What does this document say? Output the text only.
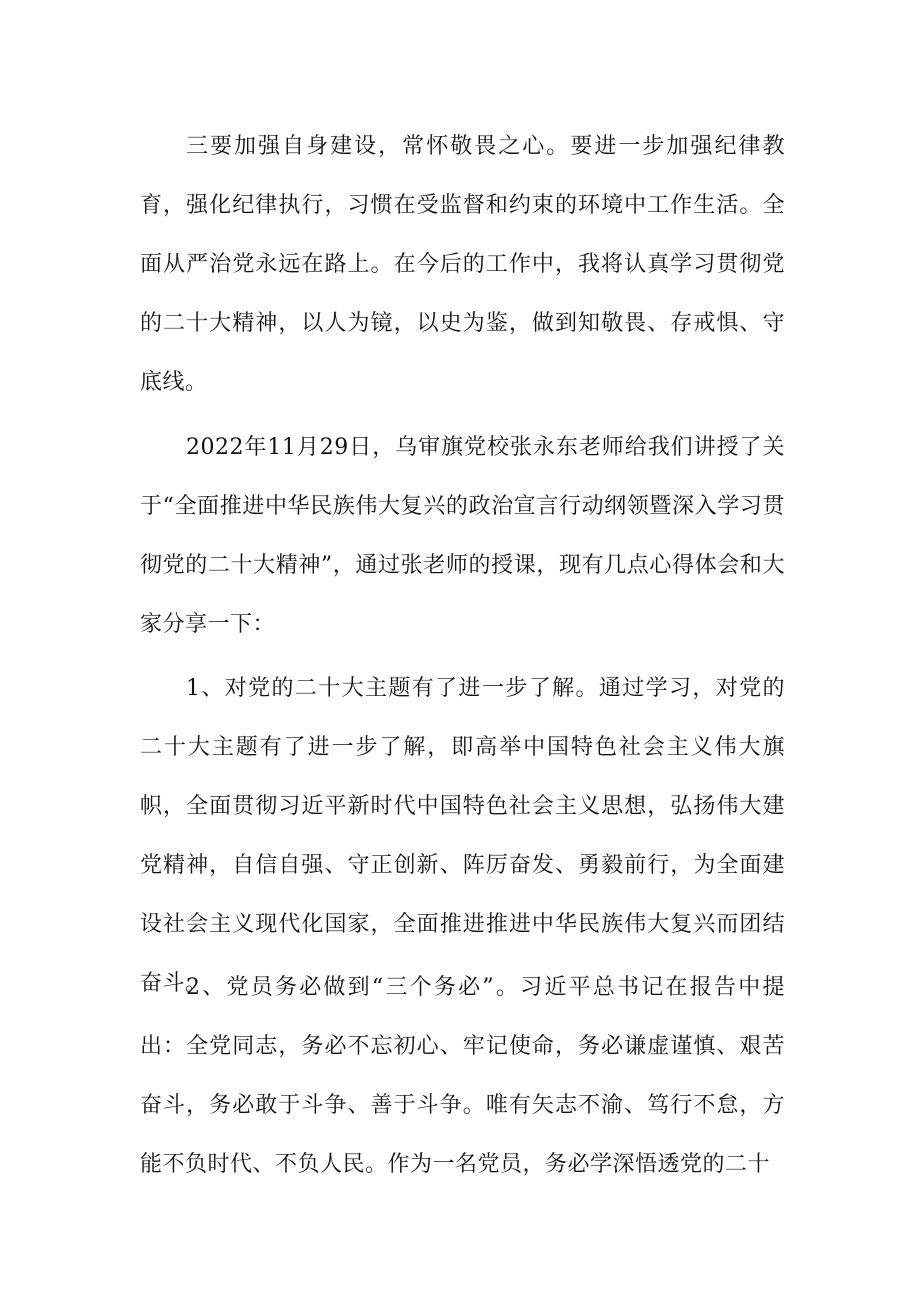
三要加强自身建设，常怀敬畏之心。要进一步加强纪律教育，强化纪律执行，习惯在受监督和约束的环境中工作生活。全面从严治党永远在路上。在今后的工作中，我将认真学习贯彻党的二十大精神，以人为镜，以史为鉴，做到知敬畏、存戒惧、守底线。

2022年11月29日，乌审旗党校张永东老师给我们讲授了关于“全面推进中华民族伟大复兴的政治宣言行动纲领暨深入学习贯彻党的二十大精神”，通过张老师的授课，现有几点心得体会和大家分享一下：

1、对党的二十大主题有了进一步了解。通过学习，对党的二十大主题有了进一步了解，即高举中国特色社会主义伟大旗帜，全面贯彻习近平新时代中国特色社会主义思想，弘扬伟大建党精神，自信自强、守正创新、阵厉奋发、勇毅前行，为全面建设社会主义现代化国家，全面推进推进中华民族伟大复兴而团结奋斗。

2、党员务必做到“三个务必”。习近平总书记在报告中提出：全党同志，务必不忘初心、牢记使命，务必谦虚谨慎、艰苦奋斗，务必敢于斗争、善于斗争。唯有矢志不渝、笃行不怠，方能不负时代、不负人民。作为一名党员，务必学深悟透党的二十
